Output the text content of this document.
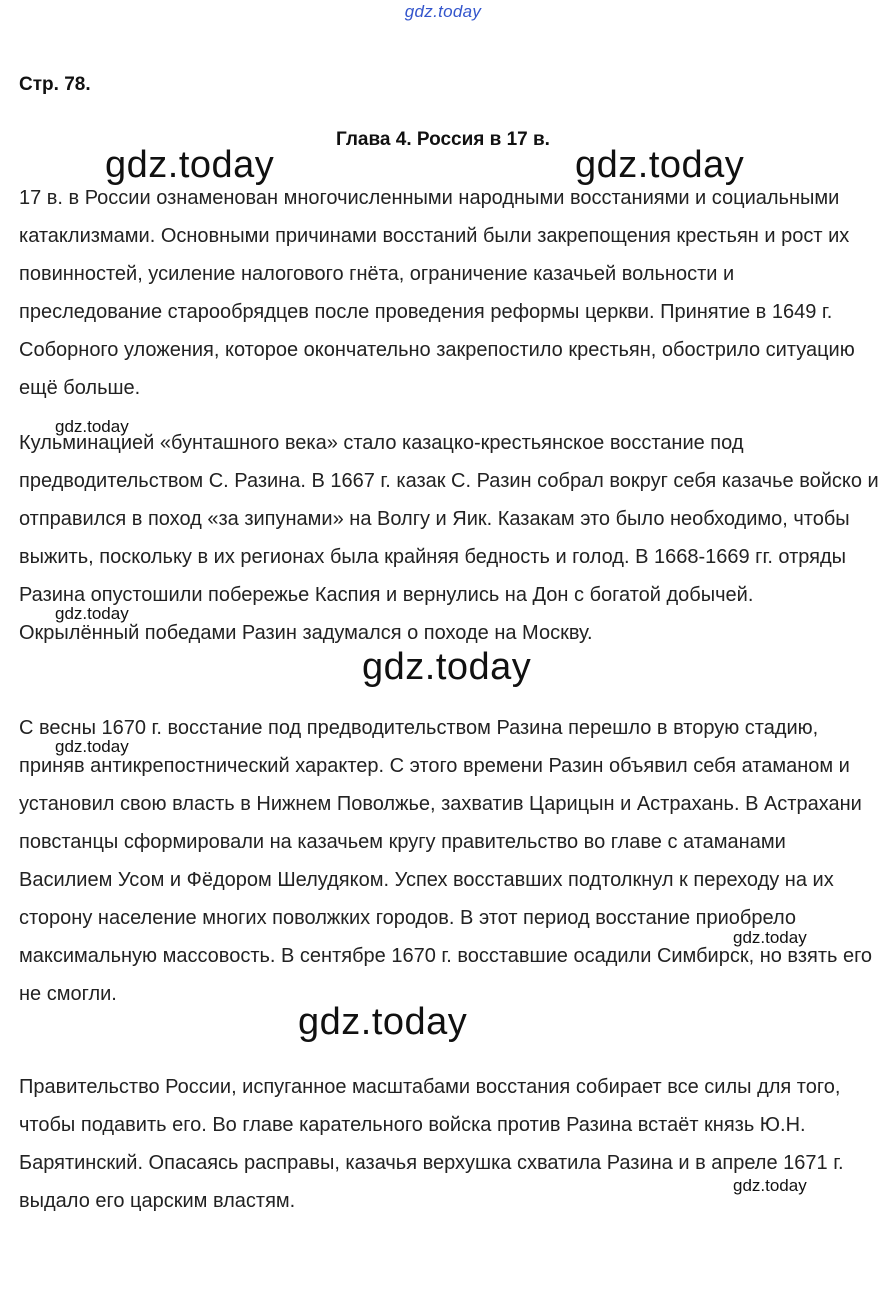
gdz.today
Стр. 78.
Глава 4. Россия в 17 в.

17 в. в России ознаменован многочисленными народными восстаниями и социальными катаклизмами. Основными причинами восстаний были закрепощения крестьян и рост их повинностей, усиление налогового гнёта, ограничение казачьей вольности и преследование старообрядцев после проведения реформы церкви. Принятие в 1649 г. Соборного уложения, которое окончательно закрепостило крестьян, обострило ситуацию ещё больше.

Кульминацией «бунташного века» стало казацко-крестьянское восстание под предводительством С. Разина. В 1667 г. казак С. Разин собрал вокруг себя казачье войско и отправился в поход «за зипунами» на Волгу и Яик. Казакам это было необходимо, чтобы выжить, поскольку в их регионах была крайняя бедность и голод. В 1668-1669 гг. отряды Разина опустошили побережье Каспия и вернулись на Дон с богатой добычей. Окрылённый победами Разин задумался о походе на Москву.

С весны 1670 г. восстание под предводительством Разина перешло в вторую стадию, приняв антикрепостнический характер. С этого времени Разин объявил себя атаманом и установил свою власть в Нижнем Поволжье, захватив Царицын и Астрахань. В Астрахани повстанцы сформировали на казачьем кругу правительство во главе с атаманами Василием Усом и Фёдором Шелудяком. Успех восставших подтолкнул к переходу на их сторону население многих поволжких городов. В этот период восстание приобрело максимальную массовость. В сентябре 1670 г. восставшие осадили Симбирск, но взять его не смогли.

Правительство России, испуганное масштабами восстания собирает все силы для того, чтобы подавить его. Во главе карательного войска против Разина встаёт князь Ю.Н. Барятинский. Опасаясь расправы, казачья верхушка схватила Разина и в апреле 1671 г. выдало его царским властям.

gdz.today	gdz.today
gdz.today
gdz.today
gdz.today
gdz.today
gdz.today
gdz.today
gdz.today
